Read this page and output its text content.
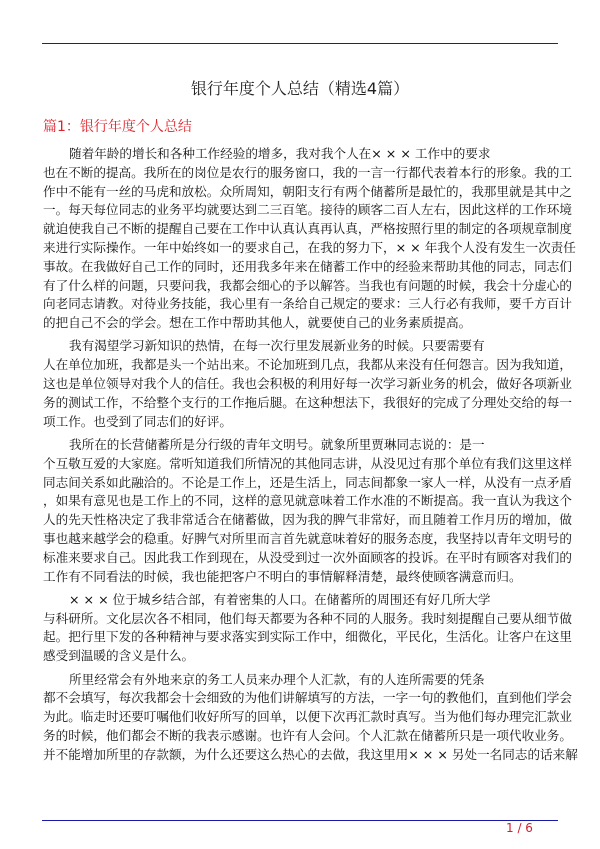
银行年度个人总结（精选4篇）
篇1：银行年度个人总结
随着年龄的增长和各种工作经验的增多，我对我个人在× × × 工作中的要求
也在不断的提高。我所在的岗位是农行的服务窗口，我的一言一行都代表着本行的形象。我的工
作中不能有一丝的马虎和放松。众所周知，朝阳支行有两个储蓄所是最忙的，我那里就是其中之
一。每天每位同志的业务平均就要达到二三百笔。接待的顾客二百人左右，因此这样的工作环境
就迫使我自己不断的提醒自己要在工作中认真认真再认真，严格按照行里的制定的各项规章制度
来进行实际操作。一年中始终如一的要求自己，在我的努力下，× × 年我个人没有发生一次责任
事故。在我做好自己工作的同时，还用我多年来在储蓄工作中的经验来帮助其他的同志，同志们
有了什么样的问题，只要问我，我都会细心的予以解答。当我也有问题的时候，我会十分虚心的
向老同志请教。对待业务技能，我心里有一条给自己规定的要求：三人行必有我师，要千方百计
的把自己不会的学会。想在工作中帮助其他人，就要使自己的业务素质提高。
我有渴望学习新知识的热情，在每一次行里发展新业务的时候。只要需要有
人在单位加班，我都是头一个站出来。不论加班到几点，我都从来没有任何怨言。因为我知道，
这也是单位领导对我个人的信任。我也会积极的利用好每一次学习新业务的机会，做好各项新业
务的测试工作，不给整个支行的工作拖后腿。在这种想法下，我很好的完成了分理处交给的每一
项工作。也受到了同志们的好评。
我所在的长营储蓄所是分行级的青年文明号。就象所里贾琳同志说的：是一
个互敬互爱的大家庭。常听知道我们所情况的其他同志讲，从没见过有那个单位有我们这里这样
同志间关系如此融洽的。不论是工作上，还是生活上，同志间都象一家人一样，从没有一点矛盾
，如果有意见也是工作上的不同，这样的意见就意味着工作水准的不断提高。我一直认为我这个
人的先天性格决定了我非常适合在储蓄做，因为我的脾气非常好，而且随着工作月历的增加，做
事也越来越学会的稳重。好脾气对所里而言首先就意味着好的服务态度，我坚持以青年文明号的
标准来要求自己。因此我工作到现在，从没受到过一次外面顾客的投诉。在平时有顾客对我们的
工作有不同看法的时候，我也能把客户不明白的事情解释清楚，最终使顾客满意而归。
× × × 位于城乡结合部，有着密集的人口。在储蓄所的周围还有好几所大学
与科研所。文化层次各不相同，他们每天都要为各种不同的人服务。我时刻提醒自己要从细节做
起。把行里下发的各种精神与要求落实到实际工作中，细微化，平民化，生活化。让客户在这里
感受到温暖的含义是什么。
所里经常会有外地来京的务工人员来办理个人汇款，有的人连所需要的凭条
都不会填写，每次我都会十会细致的为他们讲解填写的方法，一字一句的教他们，直到他们学会
为此。临走时还要叮嘱他们收好所写的回单，以便下次再汇款时真写。当为他们每办理完汇款业
务的时候，他们都会不断的我表示感谢。也许有人会问。个人汇款在储蓄所只是一项代收业务。
并不能增加所里的存款额，为什么还要这么热心的去做，我这里用× × × 另处一名同志的话来解
1 / 6
